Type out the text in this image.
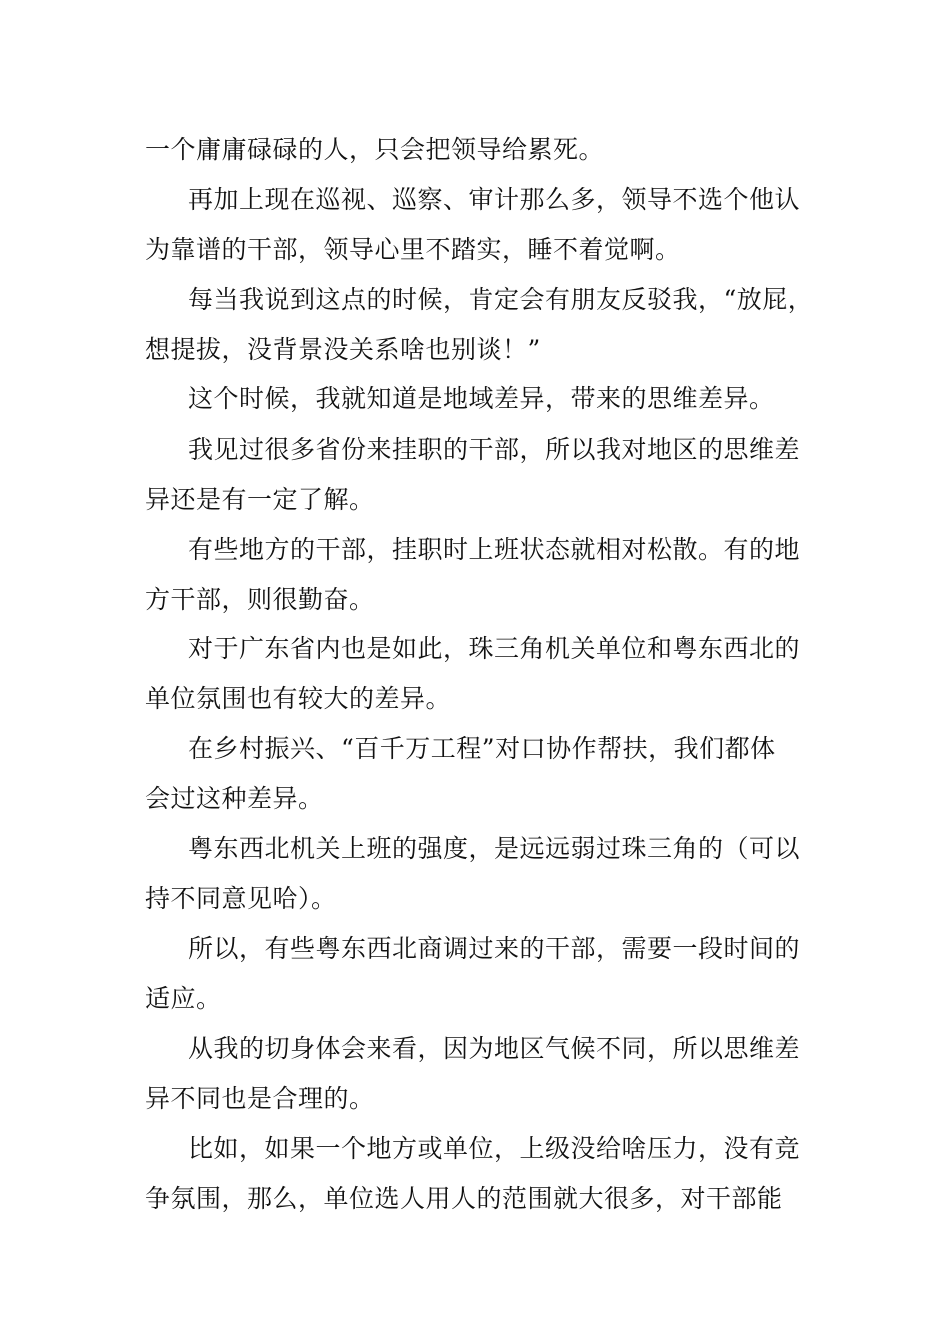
一个庸庸碌碌的人，只会把领导给累死。
再加上现在巡视、巡察、审计那么多，领导不选个他认
为靠谱的干部，领导心里不踏实，睡不着觉啊。
每当我说到这点的时候，肯定会有朋友反驳我，“放屁，
想提拔，没背景没关系啥也别谈！”
这个时候，我就知道是地域差异，带来的思维差异。
我见过很多省份来挂职的干部，所以我对地区的思维差
异还是有一定了解。
有些地方的干部，挂职时上班状态就相对松散。有的地
方干部，则很勤奋。
对于广东省内也是如此，珠三角机关单位和粤东西北的
单位氛围也有较大的差异。
在乡村振兴、“百千万工程”对口协作帮扶，我们都体
会过这种差异。
粤东西北机关上班的强度，是远远弱过珠三角的（可以
持不同意见哈）。
所以，有些粤东西北商调过来的干部，需要一段时间的
适应。
从我的切身体会来看，因为地区气候不同，所以思维差
异不同也是合理的。
比如，如果一个地方或单位，上级没给啥压力，没有竞
争氛围，那么，单位选人用人的范围就大很多，对干部能
